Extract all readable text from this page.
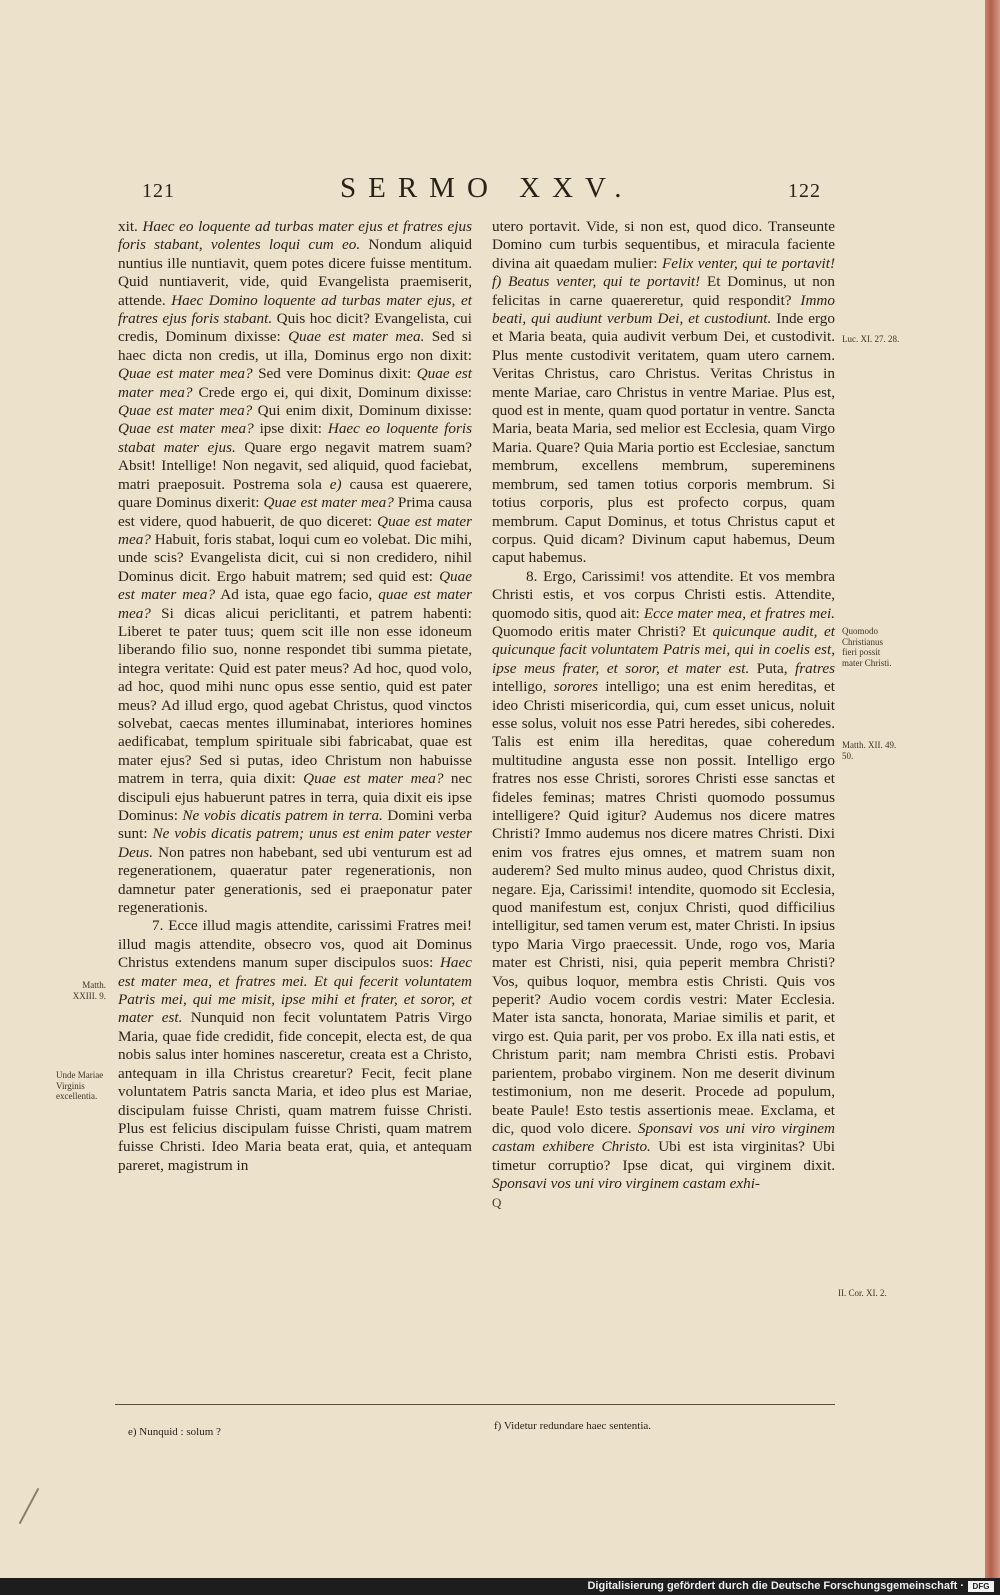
121	SERMO XXV.	122

xit. Haec eo loquente ad turbas mater ejus et fratres ejus foris stabant, volentes loqui cum eo. Nondum aliquid nuntius ille nuntiavit, quem potes dicere fuisse mentitum. Quid nuntiaverit, vide, quid Evangelista praemiserit, attende. Haec Domino loquente ad turbas mater ejus, et fratres ejus foris stabant. Quis hoc dicit? Evangelista, cui credis, Dominum dixisse: Quae est mater mea. Sed si haec dicta non credis, ut illa, Dominus ergo non dixit: Quae est mater mea? Sed vere Dominus dixit: Quae est mater mea? Crede ergo ei, qui dixit, Dominum dixisse: Quae est mater mea? Qui enim dixit, Dominum dixisse: Quae est mater mea? ipse dixit: Haec eo loquente foris stabat mater ejus. Quare ergo negavit matrem suam? Absit! Intellige! Non negavit, sed aliquid, quod faciebat, matri praeposuit. Postrema sola e) causa est quaerere, quare Dominus dixerit: Quae est mater mea? Prima causa est videre, quod habuerit, de quo diceret: Quae est mater mea? Habuit, foris stabat, loqui cum eo volebat. Dic mihi, unde scis? Evangelista dicit, cui si non credidero, nihil Dominus dicit. Ergo habuit matrem; sed quid est: Quae est mater mea? Ad ista, quae ego facio, quae est mater mea? Si dicas alicui periclitanti, et patrem habenti: Liberet te pater tuus; quem scit ille non esse idoneum liberando filio suo, nonne respondet tibi summa pietate, integra veritate: Quid est pater meus? Ad hoc, quod volo, ad hoc, quod mihi nunc opus esse sentio, quid est pater meus? Ad illud ergo, quod agebat Christus, quod vinctos solvebat, caecas mentes illuminabat, interiores homines aedificabat, templum spirituale sibi fabricabat, quae est mater ejus? Sed si putas, ideo Christum non habuisse matrem in terra, quia dixit: Quae est mater mea? nec discipuli ejus habuerunt patres in terra, quia dixit eis ipse Dominus: Ne vobis dicatis patrem in terra. Domini verba sunt: Ne vobis dicatis patrem; unus est enim pater vester Deus. Non patres non habebant, sed ubi venturum est ad regenerationem, quaeratur pater regenerationis, non damnetur pater generationis, sed ei praeponatur pater regenerationis.

7. Ecce illud magis attendite, carissimi Fratres mei! illud magis attendite, obsecro vos, quod ait Dominus Christus extendens manum super discipulos suos: Haec est mater mea, et fratres mei. Et qui fecerit voluntatem Patris mei, qui me misit, ipse mihi et frater, et soror, et mater est. Nunquid non fecit voluntatem Patris Virgo Maria, quae fide credidit, fide concepit, electa est, de qua nobis salus inter homines nasceretur, creata est a Christo, antequam in illa Christus crearetur? Fecit, fecit plane voluntatem Patris sancta Maria, et ideo plus est Mariae, discipulam fuisse Christi, quam matrem fuisse Christi. Plus est felicius discipulam fuisse Christi, quam matrem fuisse Christi. Ideo Maria beata erat, quia, et antequam pareret, magistrum in

utero portavit. Vide, si non est, quod dico. Transeunte Domino cum turbis sequentibus, et miracula faciente divina ait quaedam mulier: Felix venter, qui te portavit! f) Beatus venter, qui te portavit! Et Dominus, ut non felicitas in carne quaereretur, quid respondit? Immo beati, qui audiunt verbum Dei, et custodiunt. Inde ergo et Maria beata, quia audivit verbum Dei, et custodivit. Plus mente custodivit veritatem, quam utero carnem. Veritas Christus, caro Christus. Veritas Christus in mente Mariae, caro Christus in ventre Mariae. Plus est, quod est in mente, quam quod portatur in ventre. Sancta Maria, beata Maria, sed melior est Ecclesia, quam Virgo Maria. Quare? Quia Maria portio est Ecclesiae, sanctum membrum, excellens membrum, supereminens membrum, sed tamen totius corporis membrum. Si totius corporis, plus est profecto corpus, quam membrum. Caput Dominus, et totus Christus caput et corpus. Quid dicam? Divinum caput habemus, Deum caput habemus.

8. Ergo, Carissimi! vos attendite. Et vos membra Christi estis, et vos corpus Christi estis. Attendite, quomodo sitis, quod ait: Ecce mater mea, et fratres mei. Quomodo eritis mater Christi? Et quicunque audit, et quicunque facit voluntatem Patris mei, qui in coelis est, ipse meus frater, et soror, et mater est. Puta, fratres intelligo, sorores intelligo; una est enim hereditas, et ideo Christi misericordia, qui, cum esset unicus, noluit esse solus, voluit nos esse Patri heredes, sibi coheredes. Talis est enim illa hereditas, quae coheredum multitudine angusta esse non possit. Intelligo ergo fratres nos esse Christi, sorores Christi esse sanctas et fideles feminas; matres Christi quomodo possumus intelligere? Quid igitur? Audemus nos dicere matres Christi? Immo audemus nos dicere matres Christi. Dixi enim vos fratres ejus omnes, et matrem suam non auderem? Sed multo minus audeo, quod Christus dixit, negare. Eja, Carissimi! intendite, quomodo sit Ecclesia, quod manifestum est, conjux Christi, quod difficilius intelligitur, sed tamen verum est, mater Christi. In ipsius typo Maria Virgo praecessit. Unde, rogo vos, Maria mater est Christi, nisi, quia peperit membra Christi? Vos, quibus loquor, membra estis Christi. Quis vos peperit? Audio vocem cordis vestri: Mater Ecclesia. Mater ista sancta, honorata, Mariae similis et parit, et virgo est. Quia parit, per vos probo. Ex illa nati estis, et Christum parit; nam membra Christi estis. Probavi parientem, probabo virginem. Non me deserit divinum testimonium, non me deserit. Procede ad populum, beate Paule! Esto testis assertionis meae. Exclama, et dic, quod volo dicere. Sponsavi vos uni viro virginem castam exhibere Christo. Ubi est ista virginitas? Ubi timetur corruptio? Ipse dicat, qui virginem dixit. Sponsavi vos uni viro virginem castam exhi-

Q

Luc. XI. 27. 28.
Quomodo Christianus fieri possit mater Christi.
Matth. XII. 49. 50.
Matth. XXIII. 9.
Unde Mariae Virginis excellentia.
II. Cor. XI. 2.
e) Nunquid : solum ?	f) Videtur redundare haec sententia.
Digitalisierung gefördert durch die Deutsche Forschungsgemeinschaft ·	DFG
